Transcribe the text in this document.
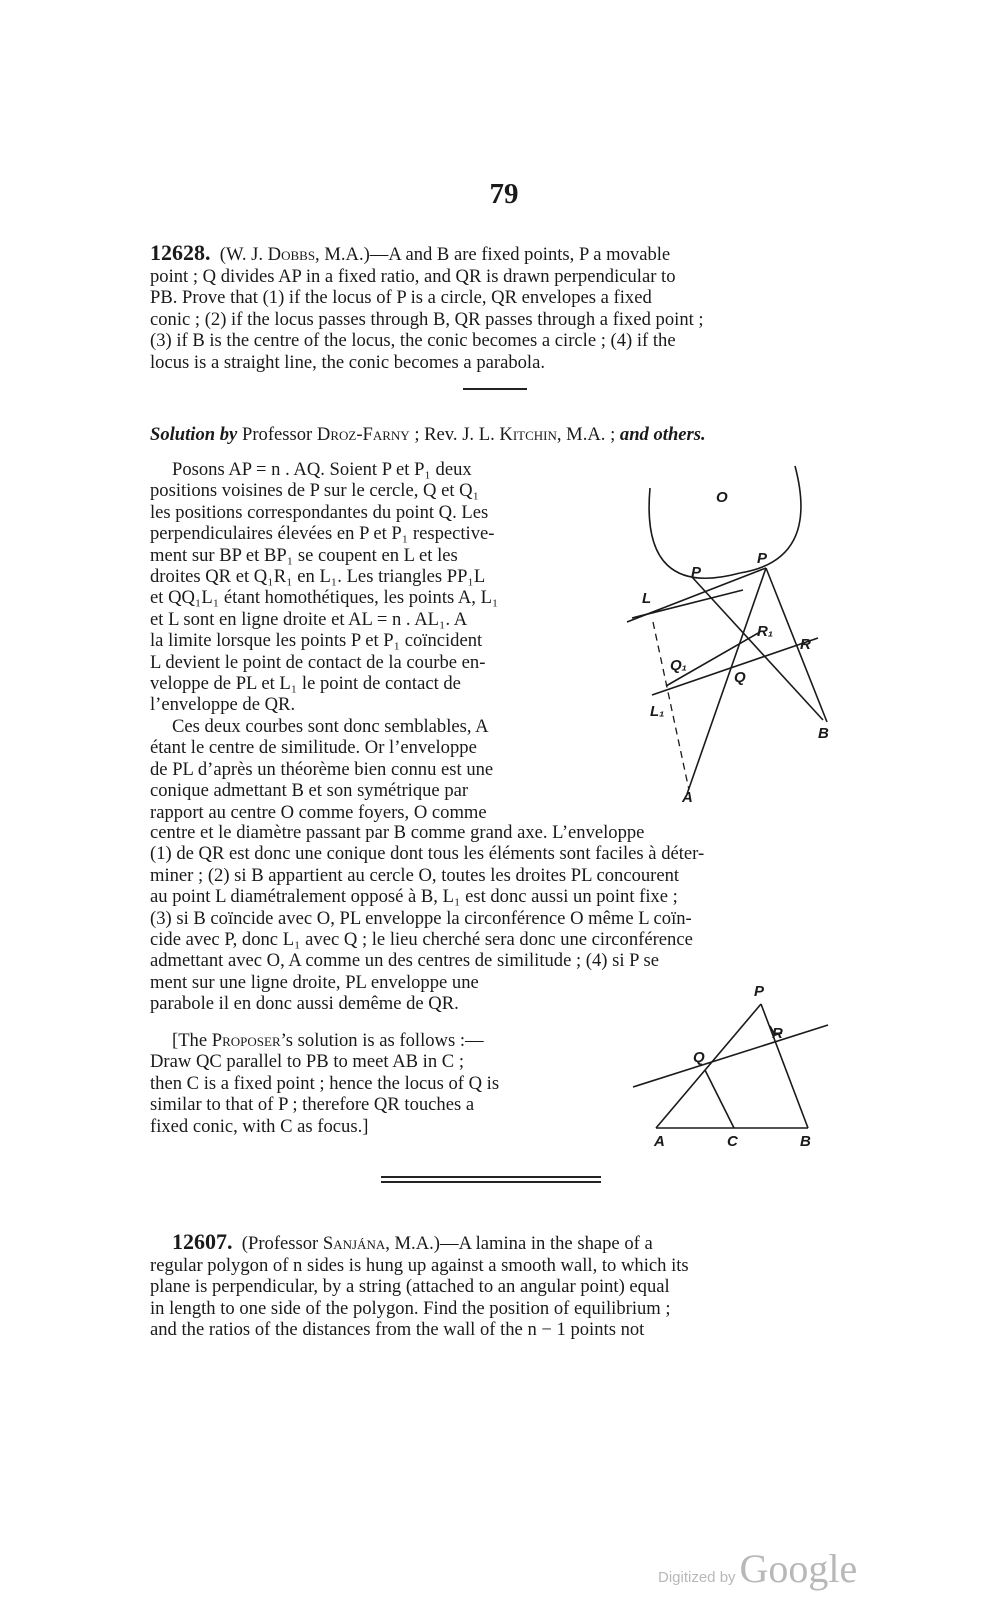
79

12628. (W. J. Dobbs, M.A.)—A and B are fixed points, P a movable

point ; Q divides AP in a fixed ratio, and QR is drawn perpendicular to

PB. Prove that (1) if the locus of P is a circle, QR envelopes a fixed

conic ; (2) if the locus passes through B, QR passes through a fixed point ;

(3) if B is the centre of the locus, the conic becomes a circle ; (4) if the

locus is a straight line, the conic becomes a parabola.

Solution by Professor Droz-Farny ; Rev. J. L. Kitchin, M.A. ; and others.

Posons AP = n . AQ. Soient P et P₁ deux

positions voisines de P sur le cercle, Q et Q₁

les positions correspondantes du point Q. Les

perpendiculaires élevées en P et P₁ respective-

ment sur BP et BP₁ se coupent en L et les

droites QR et Q₁R₁ en L₁. Les triangles PP₁L

et QQ₁L₁ étant homothétiques, les points A, L₁

et L sont en ligne droite et AL = n . AL₁. A

la limite lorsque les points P et P₁ coïncident

L devient le point de contact de la courbe en-

veloppe de PL et L₁ le point de contact de

l’enveloppe de QR.

Ces deux courbes sont donc semblables, A

étant le centre de similitude. Or l’enveloppe

de PL d’après un théorème bien connu est une

conique admettant B et son symétrique par

rapport au centre O comme foyers, O comme

centre et le diamètre passant par B comme grand axe. L’enveloppe

(1) de QR est donc une conique dont tous les éléments sont faciles à déter-

miner ; (2) si B appartient au cercle O, toutes les droites PL concourent

au point L diamétralement opposé à B, L₁ est donc aussi un point fixe ;

(3) si B coïncide avec O, PL enveloppe la circonférence O même L coïn-

cide avec P, donc L₁ avec Q ; le lieu cherché sera donc une circonférence

admettant avec O, A comme un des centres de similitude ; (4) si P se

ment sur une ligne droite, PL enveloppe une

parabole il en donc aussi demême de QR.

[The Proposer’s solution is as follows :—

Draw QC parallel to PB to meet AB in C ;

then C is a fixed point ; hence the locus of Q is

similar to that of P ; therefore QR touches a

fixed conic, with C as focus.]

O
P
P
L
R₁
R
Q₁
Q
L₁
B
A
P
R
Q
A	C	B

12607. (Professor Sanjána, M.A.)—A lamina in the shape of a

regular polygon of n sides is hung up against a smooth wall, to which its

plane is perpendicular, by a string (attached to an angular point) equal

in length to one side of the polygon. Find the position of equilibrium ;

and the ratios of the distances from the wall of the n − 1 points not

Digitized by Google
